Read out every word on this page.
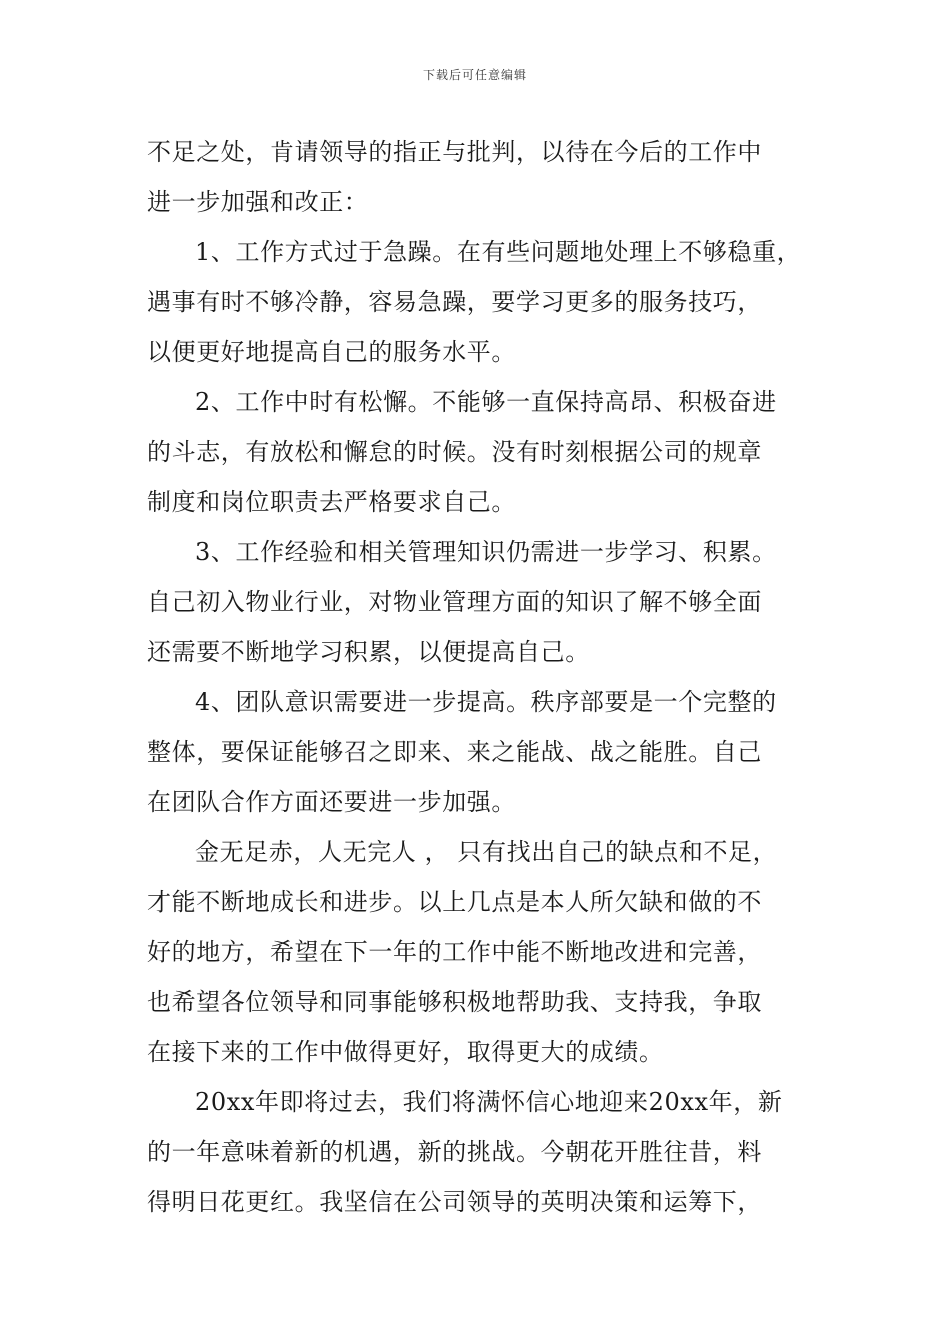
下载后可任意编辑
不足之处，肯请领导的指正与批判，以待在今后的工作中
进一步加强和改正：
1、工作方式过于急躁。在有些问题地处理上不够稳重，
遇事有时不够冷静，容易急躁，要学习更多的服务技巧，
以便更好地提高自己的服务水平。
2、工作中时有松懈。不能够一直保持高昂、积极奋进
的斗志，有放松和懈怠的时候。没有时刻根据公司的规章
制度和岗位职责去严格要求自己。
3、工作经验和相关管理知识仍需进一步学习、积累。
自己初入物业行业，对物业管理方面的知识了解不够全面
还需要不断地学习积累，以便提高自己。
4、团队意识需要进一步提高。秩序部要是一个完整的
整体，要保证能够召之即来、来之能战、战之能胜。自己
在团队合作方面还要进一步加强。
金无足赤，人无完人 ， 只有找出自己的缺点和不足，
才能不断地成长和进步。以上几点是本人所欠缺和做的不
好的地方，希望在下一年的工作中能不断地改进和完善，
也希望各位领导和同事能够积极地帮助我、支持我，争取
在接下来的工作中做得更好，取得更大的成绩。
20xx年即将过去，我们将满怀信心地迎来20xx年，新
的一年意味着新的机遇，新的挑战。今朝花开胜往昔，料
得明日花更红。我坚信在公司领导的英明决策和运筹下，
